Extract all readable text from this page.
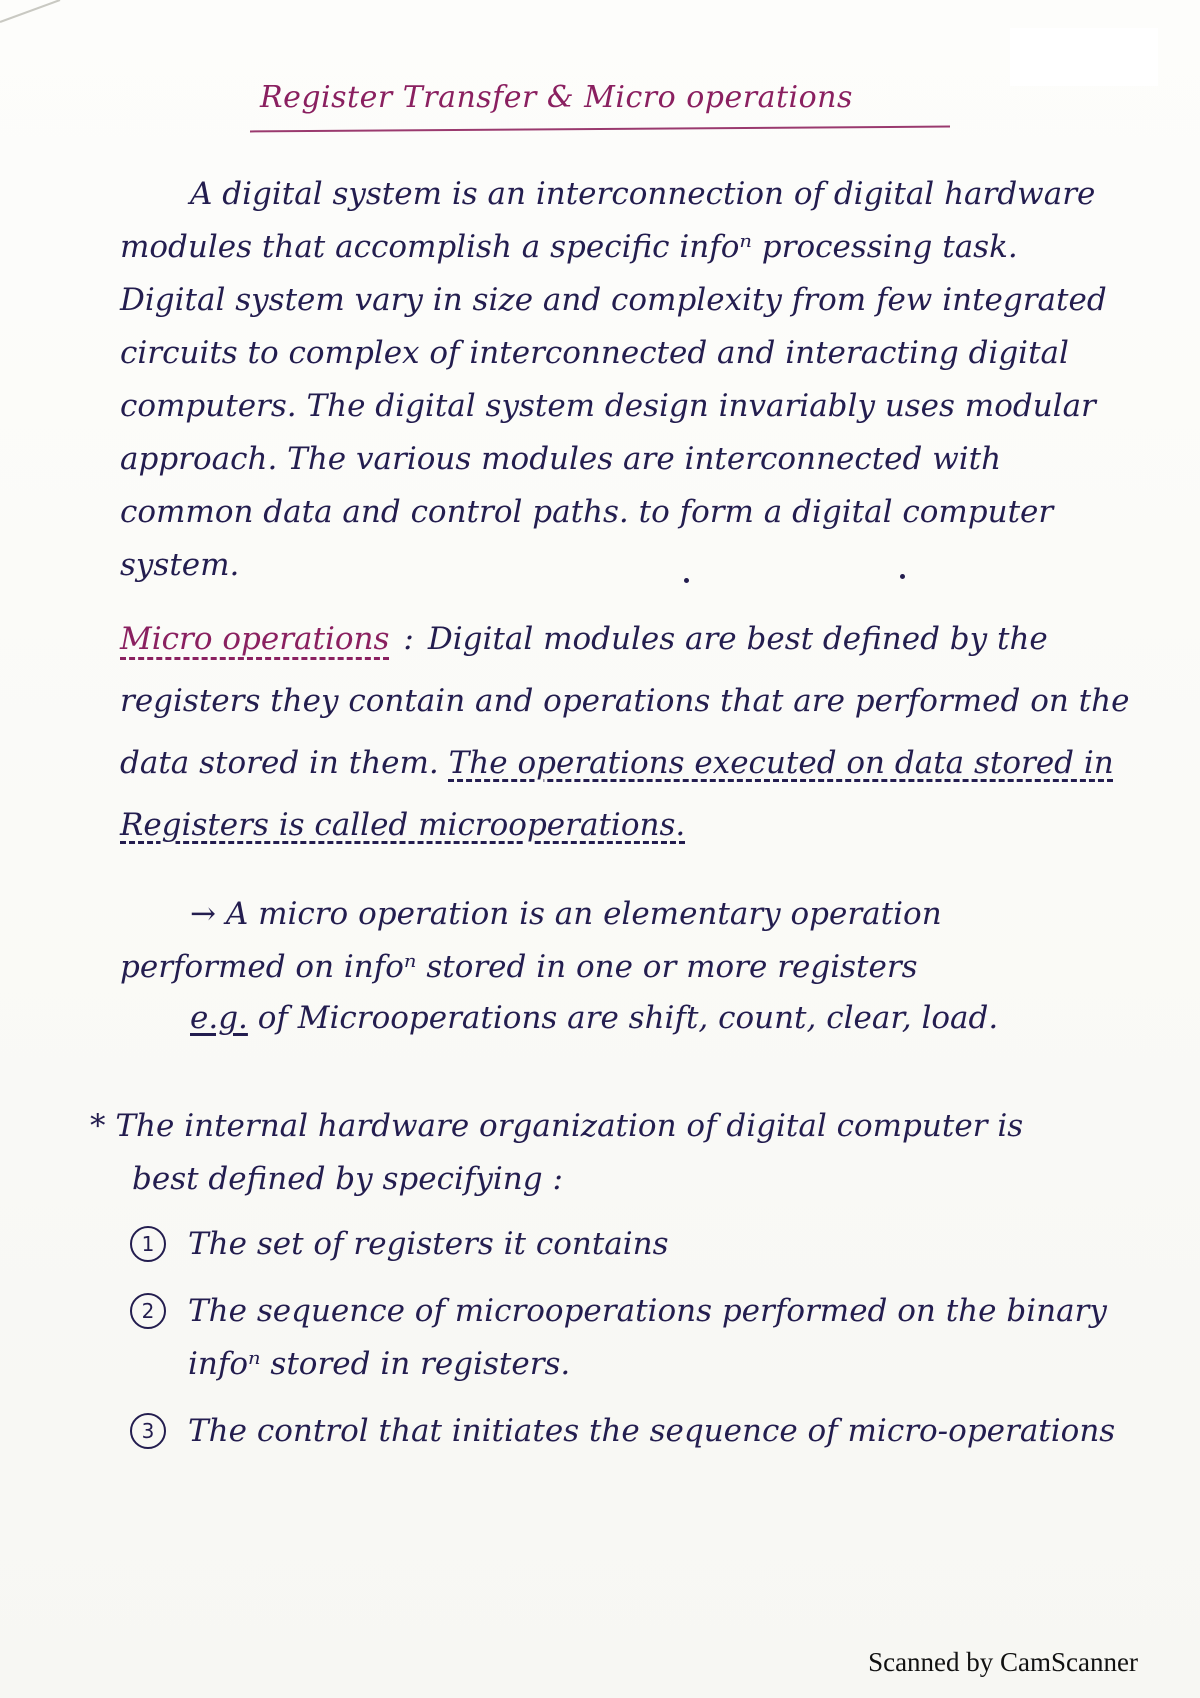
Register Transfer & Micro operations
A digital system is an interconnection of digital hardware modules that accomplish a specific infoⁿ processing task. Digital system vary in size and complexity from few integrated circuits to complex of interconnected and interacting digital computers. The digital system design invariably uses modular approach. The various modules are interconnected with common data and control paths. to form a digital computer system.
Micro operations : Digital modules are best defined by the registers they contain and operations that are performed on the data stored in them. The operations executed on data stored in Registers is called microoperations.
→ A micro operation is an elementary operation
performed on infoⁿ stored in one or more registers
e.g. of Microoperations are shift, count, clear, load.
* The internal hardware organization of digital computer is
best defined by specifying :
1	The set of registers it contains
2	The sequence of microoperations performed on the binary infoⁿ stored in registers.
3	The control that initiates the sequence of micro-operations
Scanned by CamScanner
